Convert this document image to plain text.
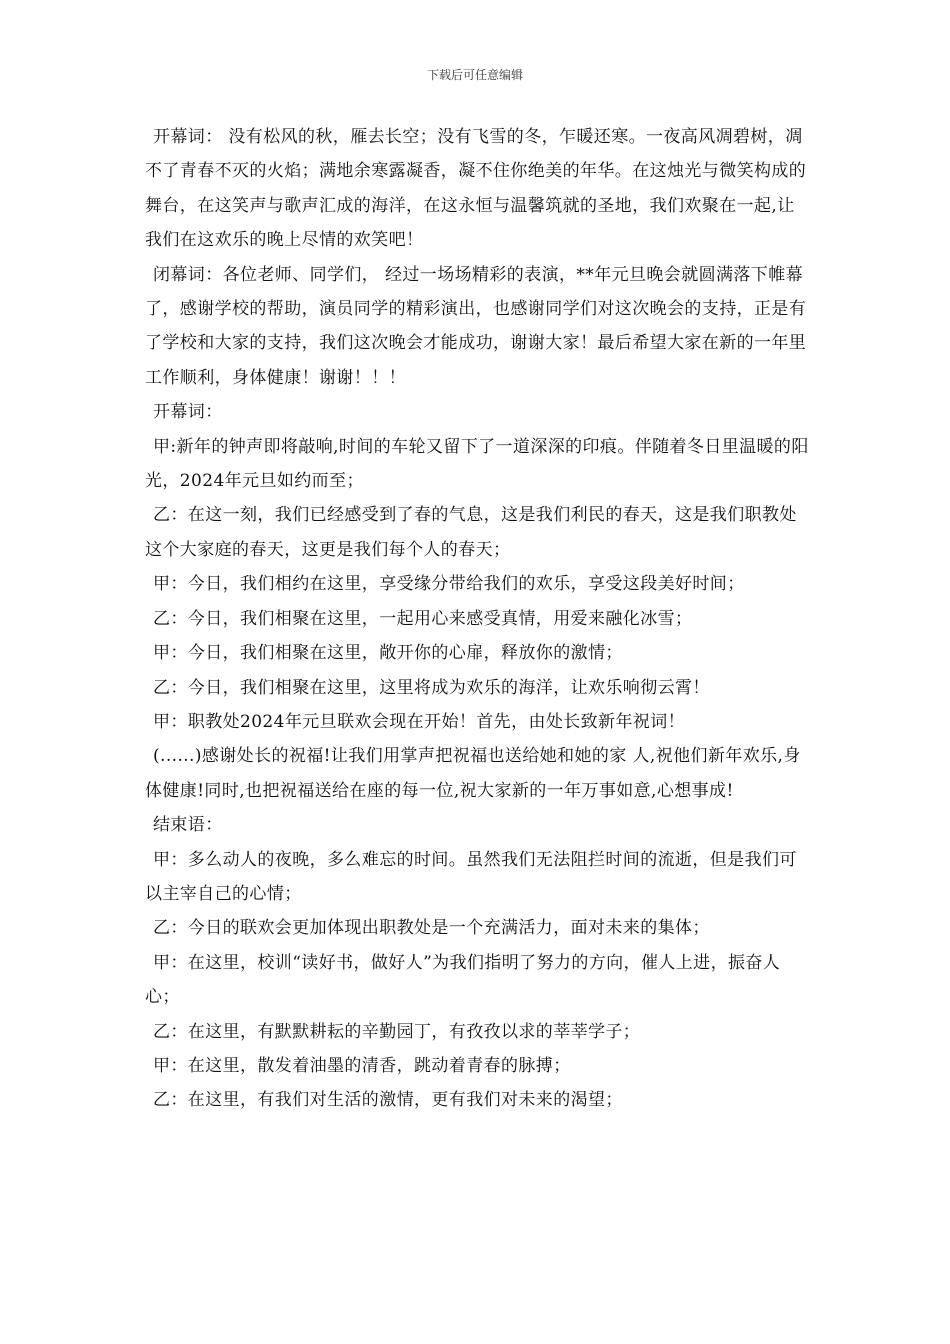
下载后可任意编辑

开幕词： 没有松风的秋，雁去长空；没有飞雪的冬，乍暖还寒。一夜高风凋碧树，凋不了青春不灭的火焰；满地余寒露凝香，凝不住你绝美的年华。在这烛光与微笑构成的舞台，在这笑声与歌声汇成的海洋，在这永恒与温馨筑就的圣地，我们欢聚在一起,让我们在这欢乐的晚上尽情的欢笑吧！

闭幕词：各位老师、同学们， 经过一场场精彩的表演，**年元旦晚会就圆满落下帷幕了，感谢学校的帮助，演员同学的精彩演出，也感谢同学们对这次晚会的支持，正是有了学校和大家的支持，我们这次晚会才能成功，谢谢大家！最后希望大家在新的一年里工作顺利，身体健康！谢谢！！！

开幕词：

甲:新年的钟声即将敲响,时间的车轮又留下了一道深深的印痕。伴随着冬日里温暖的阳光，2024年元旦如约而至；

乙：在这一刻，我们已经感受到了春的气息，这是我们利民的春天，这是我们职教处这个大家庭的春天，这更是我们每个人的春天；

甲：今日，我们相约在这里，享受缘分带给我们的欢乐，享受这段美好时间；

乙：今日，我们相聚在这里，一起用心来感受真情，用爱来融化冰雪；

甲：今日，我们相聚在这里，敞开你的心扉，释放你的激情；

乙：今日，我们相聚在这里，这里将成为欢乐的海洋，让欢乐响彻云霄！

甲：职教处2024年元旦联欢会现在开始！首先，由处长致新年祝词！

(......)感谢处长的祝福!让我们用掌声把祝福也送给她和她的家 人,祝他们新年欢乐,身体健康!同时,也把祝福送给在座的每一位,祝大家新的一年万事如意,心想事成!

结束语：

甲：多么动人的夜晚，多么难忘的时间。虽然我们无法阻拦时间的流逝，但是我们可以主宰自己的心情；

乙：今日的联欢会更加体现出职教处是一个充满活力，面对未来的集体；

甲：在这里，校训“读好书，做好人”为我们指明了努力的方向，催人上进，振奋人心；

乙：在这里，有默默耕耘的辛勤园丁，有孜孜以求的莘莘学子；

甲：在这里，散发着油墨的清香，跳动着青春的脉搏；

乙：在这里，有我们对生活的激情，更有我们对未来的渴望；
